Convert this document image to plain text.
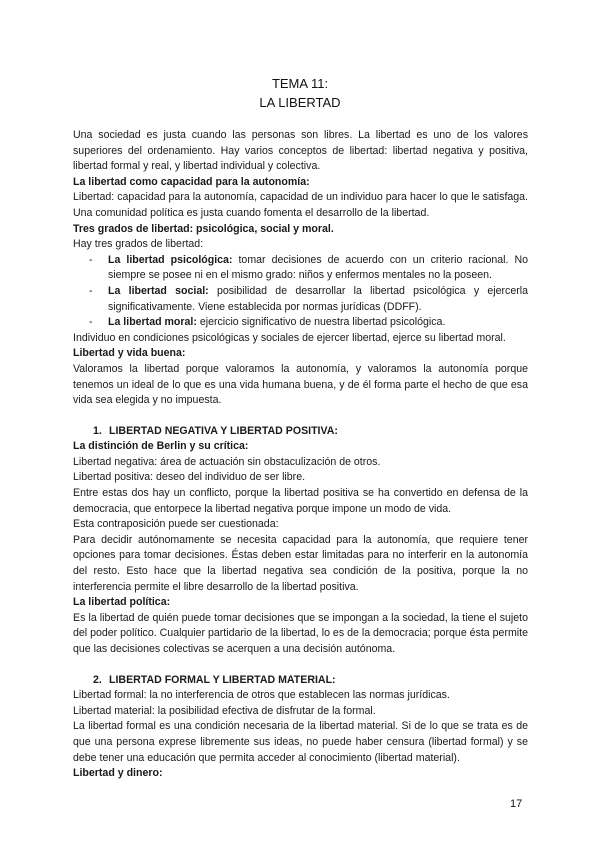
TEMA 11:
LA LIBERTAD

Una sociedad es justa cuando las personas son libres. La libertad es uno de los valores superiores del ordenamiento. Hay varios conceptos de libertad: libertad negativa y positiva, libertad formal y real, y libertad individual y colectiva.

La libertad como capacidad para la autonomía:

Libertad: capacidad para la autonomía, capacidad de un individuo para hacer lo que le satisfaga. Una comunidad política es justa cuando fomenta el desarrollo de la libertad.

Tres grados de libertad: psicológica, social y moral.

Hay tres grados de libertad:

- La libertad psicológica: tomar decisiones de acuerdo con un criterio racional. No siempre se posee ni en el mismo grado: niños y enfermos mentales no la poseen.
- La libertad social: posibilidad de desarrollar la libertad psicológica y ejercerla significativamente. Viene establecida por normas jurídicas (DDFF).
- La libertad moral: ejercicio significativo de nuestra libertad psicológica.

Individuo en condiciones psicológicas y sociales de ejercer libertad, ejerce su libertad moral.

Libertad y vida buena:

Valoramos la libertad porque valoramos la autonomía, y valoramos la autonomía porque tenemos un ideal de lo que es una vida humana buena, y de él forma parte el hecho de que esa vida sea elegida y no impuesta.

1. LIBERTAD NEGATIVA Y LIBERTAD POSITIVA:

La distinción de Berlin y su crítica:

Libertad negativa: área de actuación sin obstaculización de otros.

Libertad positiva: deseo del individuo de ser libre.

Entre estas dos hay un conflicto, porque la libertad positiva se ha convertido en defensa de la democracia, que entorpece la libertad negativa porque impone un modo de vida.

Esta contraposición puede ser cuestionada:

Para decidir autónomamente se necesita capacidad para la autonomía, que requiere tener opciones para tomar decisiones. Éstas deben estar limitadas para no interferir en la autonomía del resto. Esto hace que la libertad negativa sea condición de la positiva, porque la no interferencia permite el libre desarrollo de la libertad positiva.

La libertad política:

Es la libertad de quién puede tomar decisiones que se impongan a la sociedad, la tiene el sujeto del poder político. Cualquier partidario de la libertad, lo es de la democracia; porque ésta permite que las decisiones colectivas se acerquen a una decisión autónoma.

2. LIBERTAD FORMAL Y LIBERTAD MATERIAL:

Libertad formal: la no interferencia de otros que establecen las normas jurídicas.

Libertad material: la posibilidad efectiva de disfrutar de la formal.

La libertad formal es una condición necesaria de la libertad material. Si de lo que se trata es de que una persona exprese libremente sus ideas, no puede haber censura (libertad formal) y se debe tener una educación que permita acceder al conocimiento (libertad material).

Libertad y dinero:

17
